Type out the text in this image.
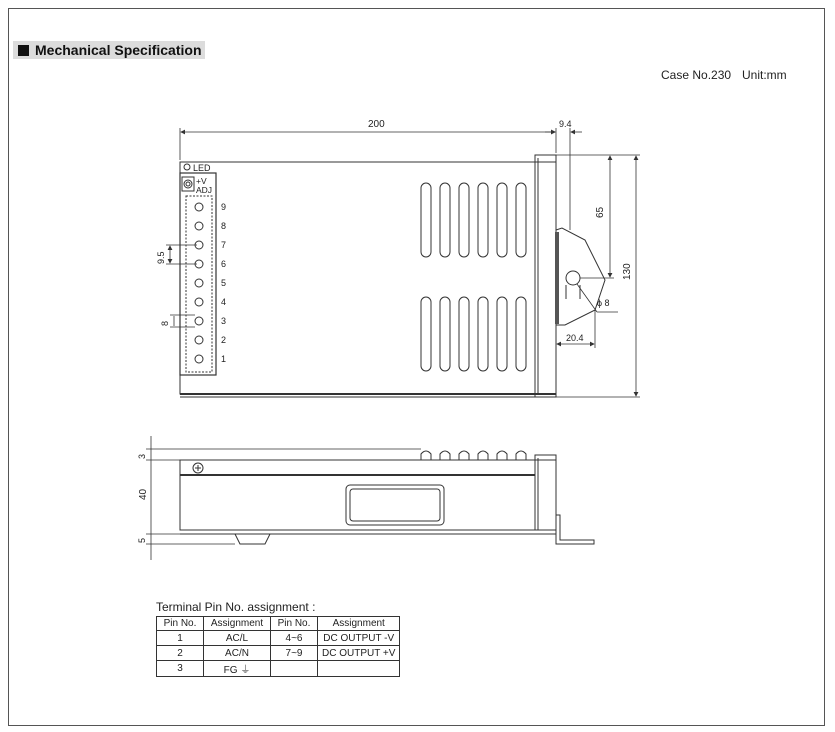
Mechanical Specification
Case No.230 Unit:mm
200	9.4
130
65
ϕ 8
20.4
9.5
8
LED
+V
ADJ
9
8
7
6
5
4
3
2
1
3
40
5
Terminal Pin No. assignment :
Pin No.	Assignment	Pin No.	Assignment
1	AC/L	4~6	DC OUTPUT -V
2	AC/N	7~9	DC OUTPUT +V
3	FG ⏚		
